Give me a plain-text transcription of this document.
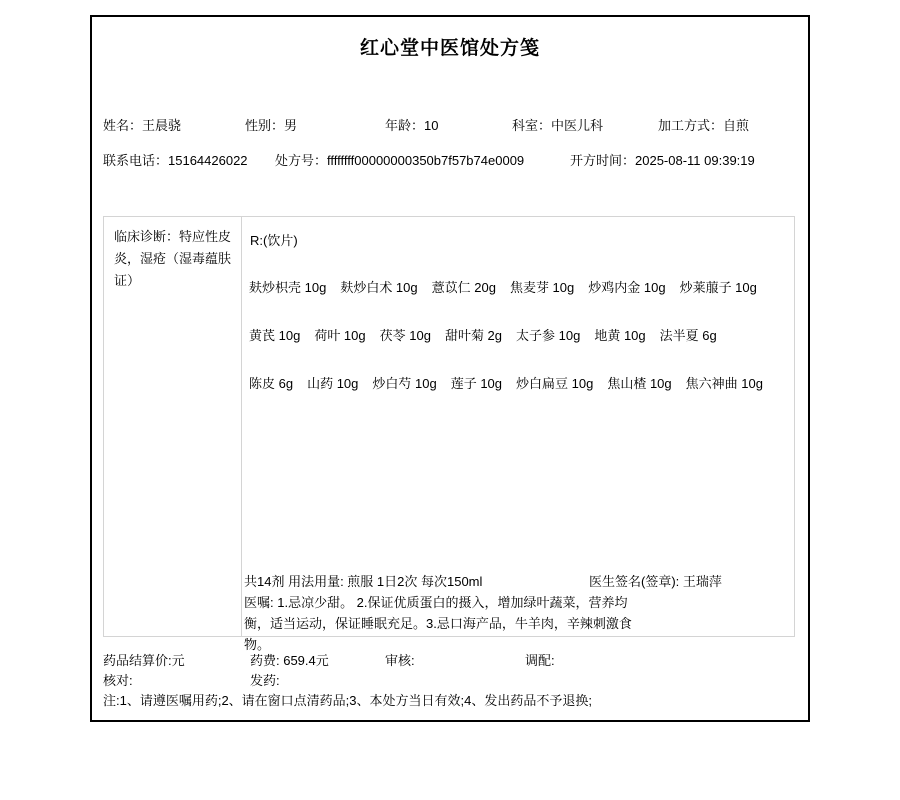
红心堂中医馆处方笺
姓名：王晨骁	性别：男	年龄：10	科室：中医儿科	加工方式：自煎
联系电话：15164426022 处方号：ffffffff00000000350b7f57b74e0009	开方时间：2025-08-11 09:39:19
临床诊断：特应性皮炎，湿疮（湿毒蕴肤证）
R:(饮片)
麸炒枳壳 10g 麸炒白术 10g 薏苡仁 20g 焦麦芽 10g 炒鸡内金 10g 炒莱菔子 10g
黄芪 10g 荷叶 10g 茯苓 10g 甜叶菊 2g 太子参 10g 地黄 10g 法半夏 6g
陈皮 6g 山药 10g 炒白芍 10g 莲子 10g 炒白扁豆 10g 焦山楂 10g 焦六神曲 10g
共14剂 用法用量: 煎服 1日2次 每次150ml	医生签名(签章): 王瑞萍
医嘱: 1.忌凉少甜。 2.保证优质蛋白的摄入，增加绿叶蔬菜，营养均衡，适当运动，保证睡眠充足。3.忌口海产品，牛羊肉，辛辣刺激食物。
药品结算价:元	药费: 659.4元	审核:	调配:
核对:	发药:
注:1、请遵医嘱用药;2、请在窗口点清药品;3、本处方当日有效;4、发出药品不予退换;
